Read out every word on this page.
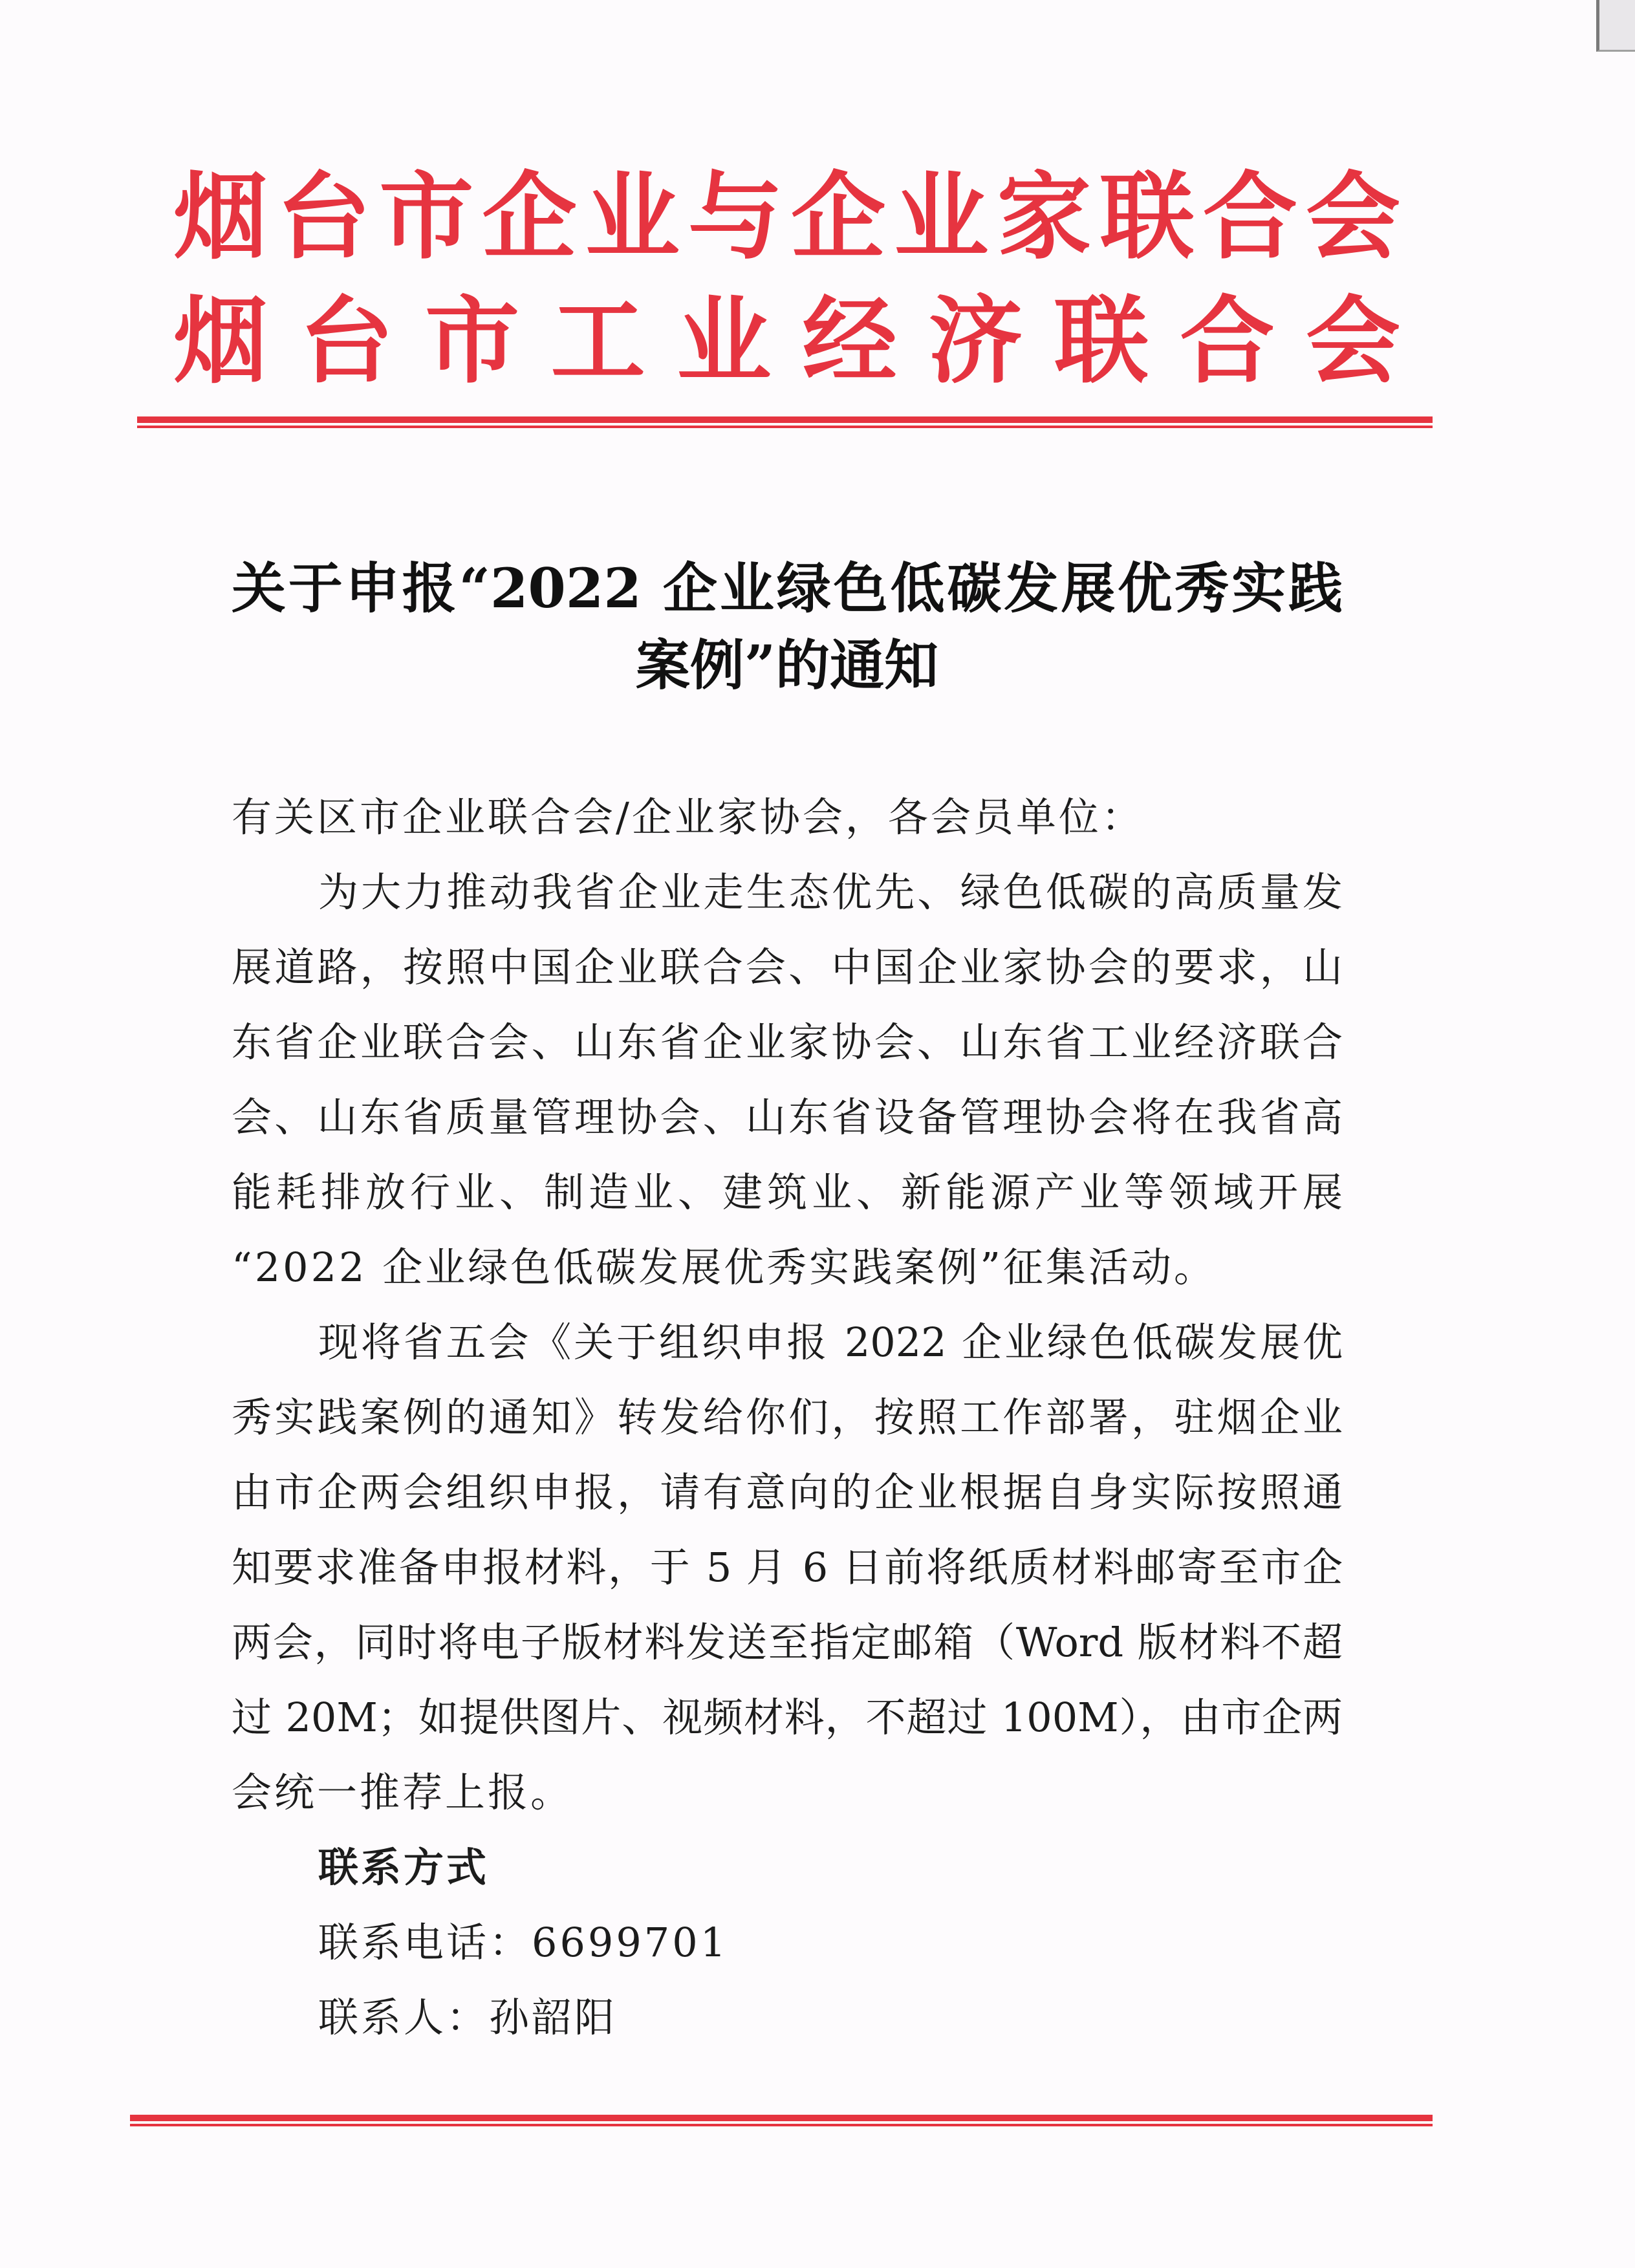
烟台市企业与企业家联合会
烟台市工业经济联合会
关于申报“2022 企业绿色低碳发展优秀实践
案例”的通知
有关区市企业联合会/企业家协会，各会员单位：
为大力推动我省企业走生态优先、绿色低碳的高质量发
展道路，按照中国企业联合会、中国企业家协会的要求，山
东省企业联合会、山东省企业家协会、山东省工业经济联合
会、山东省质量管理协会、山东省设备管理协会将在我省高
能耗排放行业、制造业、建筑业、新能源产业等领域开展
“2022 企业绿色低碳发展优秀实践案例”征集活动。
现将省五会《关于组织申报 2022 企业绿色低碳发展优
秀实践案例的通知》转发给你们，按照工作部署，驻烟企业
由市企两会组织申报，请有意向的企业根据自身实际按照通
知要求准备申报材料，于 5 月 6 日前将纸质材料邮寄至市企
两会，同时将电子版材料发送至指定邮箱（Word 版材料不超
过 20M；如提供图片、视频材料，不超过 100M），由市企两
会统一推荐上报。
联系方式
联系电话：6699701
联系人：孙韶阳
